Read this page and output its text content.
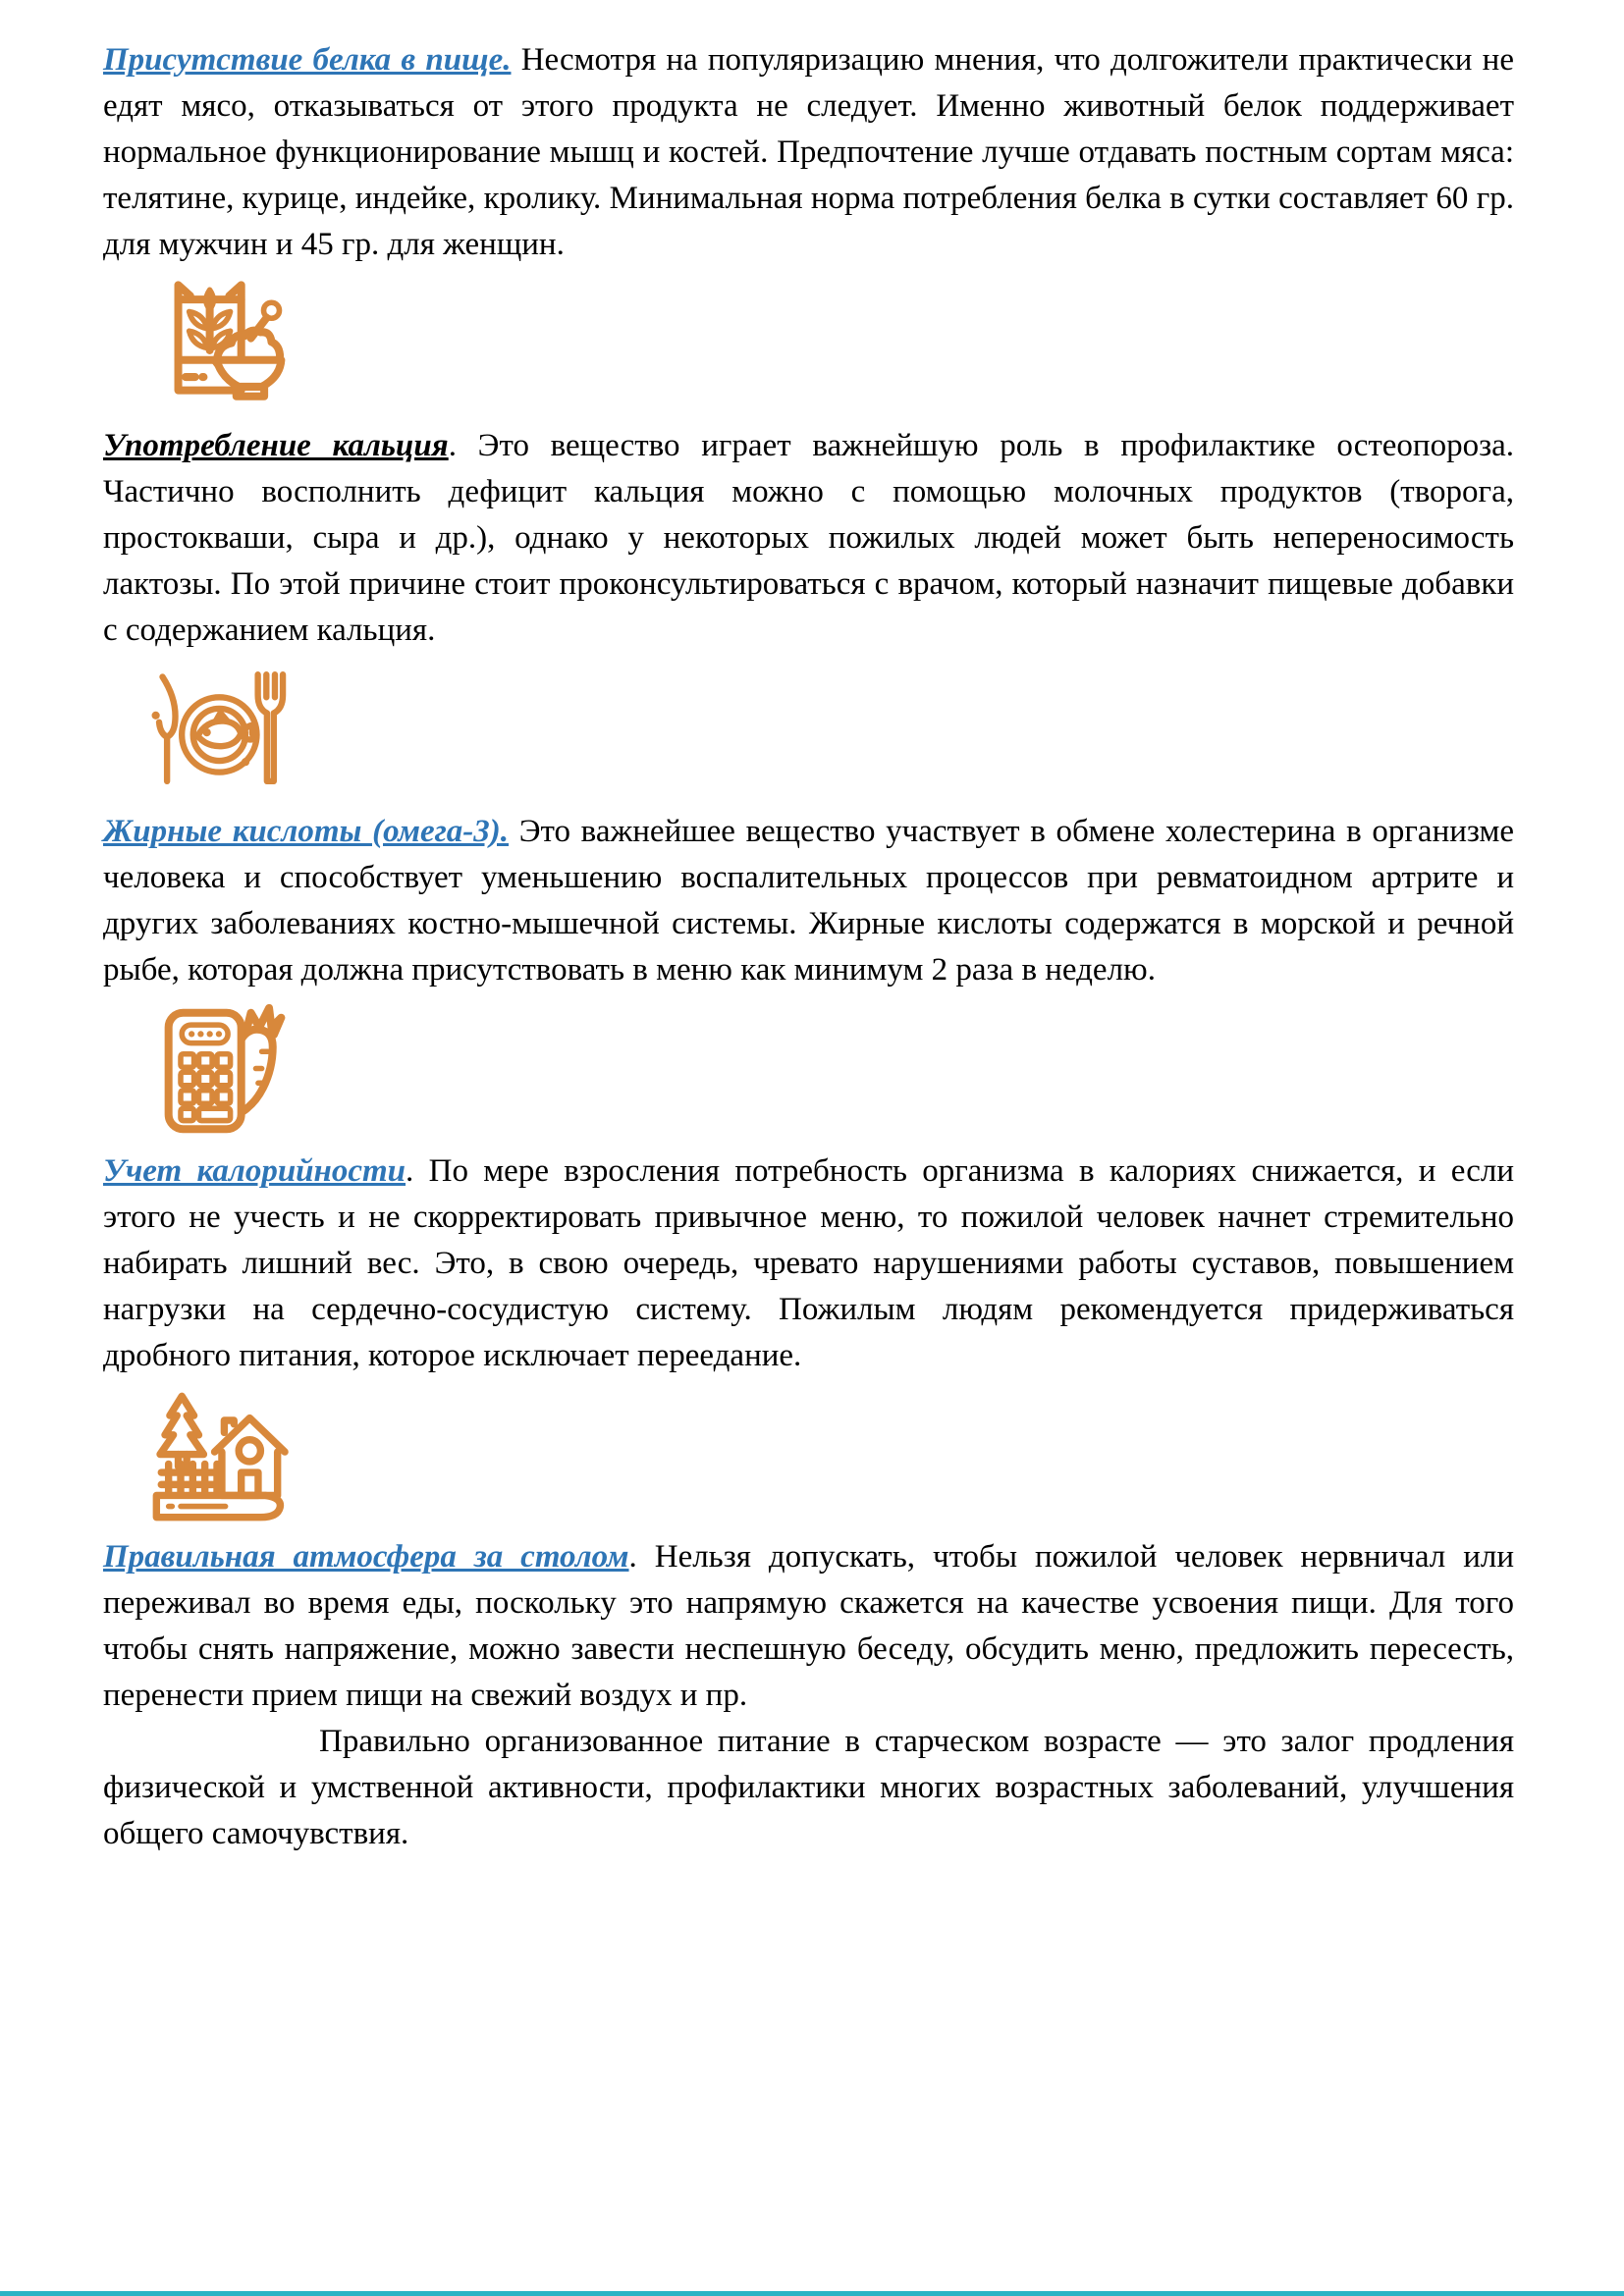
Присутствие белка в пище. Несмотря на популяризацию мнения, что долгожители практически не едят мясо, отказываться от этого продукта не следует. Именно животный белок поддерживает нормальное функционирование мышц и костей. Предпочтение лучше отдавать постным сортам мяса: телятине, курице, индейке, кролику. Минимальная норма потребления белка в сутки составляет 60 гр. для мужчин и 45 гр. для женщин.

Употребление кальция. Это вещество играет важнейшую роль в профилактике остеопороза. Частично восполнить дефицит кальция можно с помощью молочных продуктов (творога, простокваши, сыра и др.), однако у некоторых пожилых людей может быть непереносимость лактозы. По этой причине стоит проконсультироваться с врачом, который назначит пищевые добавки с содержанием кальция.

Жирные кислоты (омега-3). Это важнейшее вещество участвует в обмене холестерина в организме человека и способствует уменьшению воспалительных процессов при ревматоидном артрите и других заболеваниях костно-мышечной системы. Жирные кислоты содержатся в морской и речной рыбе, которая должна присутствовать в меню как минимум 2 раза в неделю.

Учет калорийности. По мере взросления потребность организма в калориях снижается, и если этого не учесть и не скорректировать привычное меню, то пожилой человек начнет стремительно набирать лишний вес. Это, в свою очередь, чревато нарушениями работы суставов, повышением нагрузки на сердечно-сосудистую систему. Пожилым людям рекомендуется придерживаться дробного питания, которое исключает переедание.

Правильная атмосфера за столом. Нельзя допускать, чтобы пожилой человек нервничал или переживал во время еды, поскольку это напрямую скажется на качестве усвоения пищи. Для того чтобы снять напряжение, можно завести неспешную беседу, обсудить меню, предложить пересесть, перенести прием пищи на свежий воздух и пр.

Правильно организованное питание в старческом возрасте — это залог продления физической и умственной активности, профилактики многих возрастных заболеваний, улучшения общего самочувствия.
